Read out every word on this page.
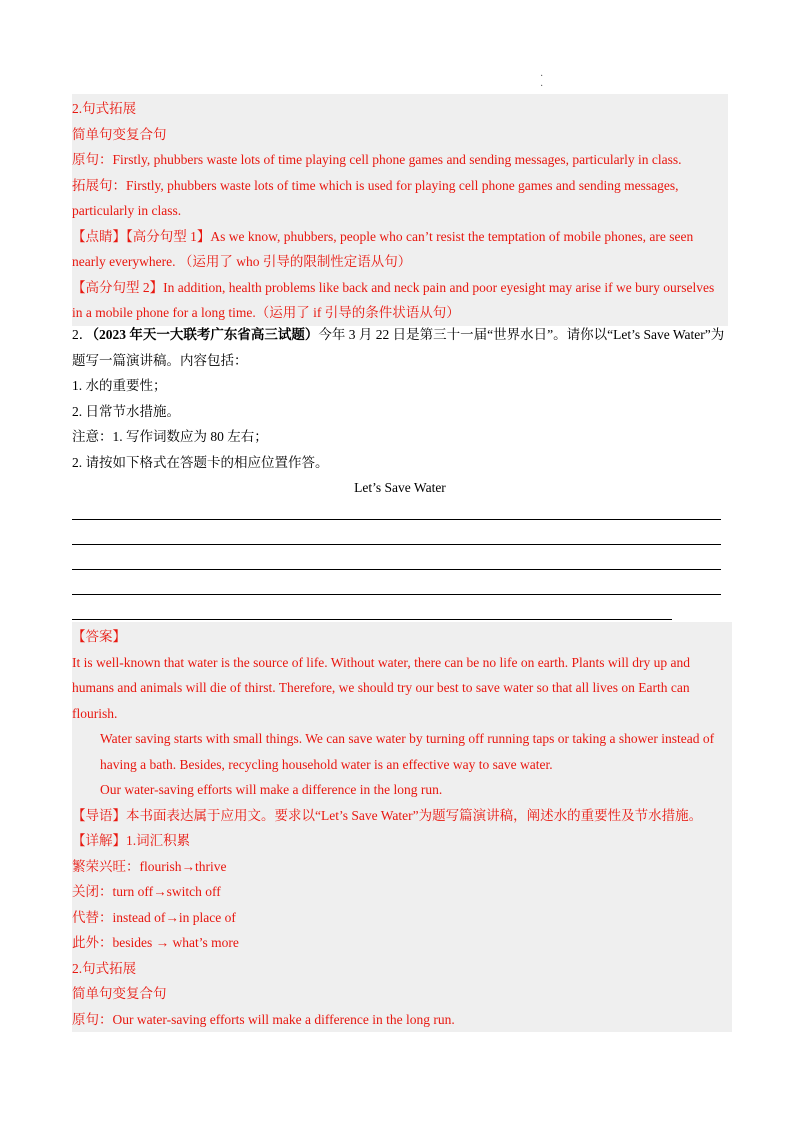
·
·
2.句式拓展
简单句变复合句
原句：Firstly, phubbers waste lots of time playing cell phone games and sending messages, particularly in class.
拓展句：Firstly, phubbers waste lots of time which is used for playing cell phone games and sending messages, particularly in class.
【点睛】【高分句型 1】As we know, phubbers, people who can’t resist the temptation of mobile phones, are seen nearly everywhere. （运用了 who 引导的限制性定语从句）
【高分句型 2】In addition, health problems like back and neck pain and poor eyesight may arise if we bury ourselves in a mobile phone for a long time.（运用了 if 引导的条件状语从句）
2．（2023 年天一大联考广东省高三试题）今年 3 月 22 日是第三十一届“世界水日”。请你以“Let’s Save Water”为题写一篇演讲稿。内容包括：
1. 水的重要性；
2. 日常节水措施。
注意：1. 写作词数应为 80 左右；
2. 请按如下格式在答题卡的相应位置作答。
Let’s Save Water
【答案】
It is well-known that water is the source of life. Without water, there can be no life on earth. Plants will dry up and humans and animals will die of thirst. Therefore, we should try our best to save water so that all lives on Earth can flourish.
Water saving starts with small things. We can save water by turning off running taps or taking a shower instead of having a bath. Besides, recycling household water is an effective way to save water.
Our water-saving efforts will make a difference in the long run.
【导语】本书面表达属于应用文。要求以“Let’s Save Water”为题写篇演讲稿，阐述水的重要性及节水措施。
【详解】1.词汇积累
繁荣兴旺：flourish→thrive
关闭：turn off→switch off
代替：instead of→in place of
此外：besides → what’s more
2.句式拓展
简单句变复合句
原句：Our water-saving efforts will make a difference in the long run.
